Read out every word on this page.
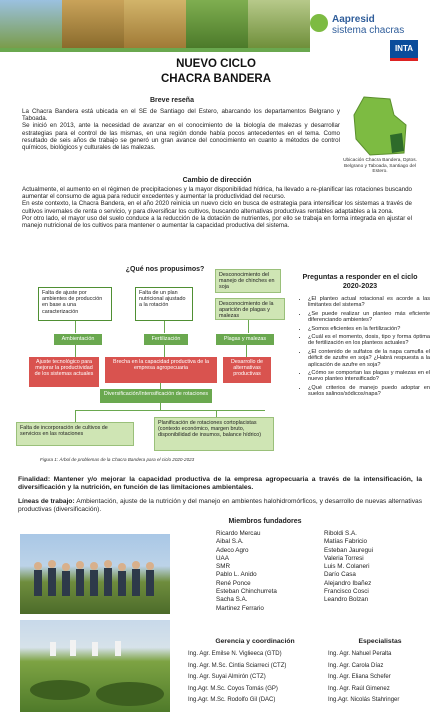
Aapresid
sistema chacras
INTA
NUEVO CICLO
CHACRA BANDERA
Breve reseña
La Chacra Bandera está ubicada en el SE de Santiago del Estero, abarcando los departamentos Belgrano y Taboada.
Se inició en 2013, ante la necesidad de avanzar en el conocimiento de la biología de malezas y desarrollar estrategias para el control de las mismas, en una región donde había pocos antecedentes en el tema. Como resultado de seis años de trabajo se generó un gran avance del conocimiento en cuanto a métodos de control químicos, biológicos y culturales de las malezas.
Ubicación Chacra Bandera, Dptos. Belgrano y Taboada, Santiago del Estero.
Cambio de dirección
Actualmente, el aumento en el régimen de precipitaciones y la mayor disponibilidad hídrica, ha llevado a re-planificar las rotaciones buscando aumentar el consumo de agua para reducir excedentes y aumentar la productividad del recurso.
En este contexto, la Chacra Bandera, en el año 2020 reinicia un nuevo ciclo en busca de estrategia para intensificar los sistemas a través de cultivos invernales de renta o servicio, y para diversificar los cultivos, buscando alternativas productivas rentables adaptables a la zona.
Por otro lado, el mayor uso del suelo conduce a la reducción de la dotación de nutrientes, por ello se trabaja en forma integrada en ajustar el manejo nutricional de los cultivos para mantener o aumentar la capacidad productiva del sistema.
¿Qué nos propusimos?
Falta de ajuste por ambientes de producción en base a una caracterización
Falta de un plan nutricional ajustado a la rotación
Desconocimiento del manejo de chinches en soja
Desconocimiento de la aparición de plagas y malezas
Ambientación	Fertilización	Plagas y malezas
Ajuste tecnológico para mejorar la productividad de los sistemas actuales
Brecha en la capacidad productiva de la empresa agropecuaria
Desarrollo de alternativas productivas
Diversificación/Intensificación de rotaciones
Falta de incorporación de cultivos de servicios en las rotaciones
Planificación de rotaciones cortoplacistas (contexto económico, margen bruto, disponibilidad de insumos, balance hídrico)
Figura 1: Árbol de problemas de la Chacra Bandera para el ciclo 2020-2023
Preguntas a responder en el ciclo 2020-2023
• ¿El planteo actual rotacional es acorde a las limitantes del sistema?
• ¿Se puede realizar un planteo más eficiente diferenciando ambientes?
• ¿Somos eficientes en la fertilización?
• ¿Cuál es el momento, dosis, tipo y forma óptima de fertilización en los planteos actuales?
• ¿El contenido de sulfatos de la napa camufla el déficit de azufre en soja? ¿Habrá respuesta a la aplicación de azufre en soja?
• ¿Cómo se comportan las plagas y malezas en el nuevo planteo intensificado?
• ¿Qué criterios de manejo puedo adoptar en suelos salinos/sódicos/napa?
Finalidad: Mantener y/o mejorar la capacidad productiva de la empresa agropecuaria a través de la intensificación, la diversificación y la nutrición, en función de las limitaciones ambientales.
Líneas de trabajo: Ambientación, ajuste de la nutrición y del manejo en ambientes halohidromórficos, y desarrollo de nuevas alternativas productivas (diversificación).
Miembros fundadores
Ricardo Mercau
Aibal S.A.
Adeco Agro
UAA
SMR
Pablo L. Anido
René Ponce
Esteban Chinchurreta
Sacha S.A.
Martinez Ferrario
Riboldi S.A.
Matías Fabricio
Esteban Jauregui
Valeria Torresi
Luis M. Colaneri
Darío Casa
Alejandro Ibañez
Francisco Cosci
Leandro Bolzan
Gerencia y coordinación
Ing. Agr. Emilse N. Viglieeca (GTD)
Ing. Agr. M.Sc. Cintia Sciarreci (CTZ)
Ing. Agr. Suyai Almirón (CTZ)
Ing.Agr. M.Sc. Coyos Tomás (GP)
Ing.Agr. M.Sc. Rodolfo Gil (DAC)
Especialistas
Ing. Agr. Nahuel Peralta
Ing. Agr. Carola Díaz
Ing. Agr. Eliana Schefer
Ing. Agr. Raúl Gimenez
Ing.Agr. Nicolás Stahringer
